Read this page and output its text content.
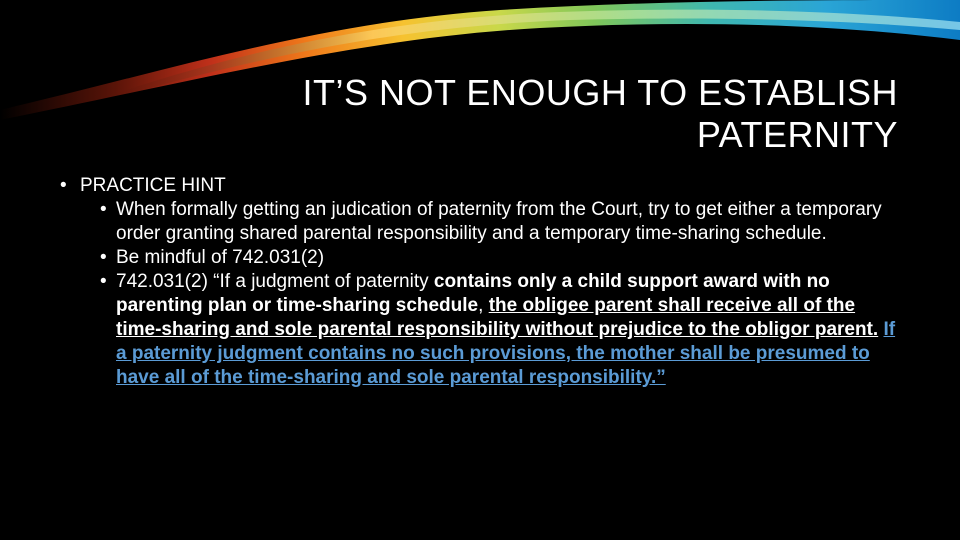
IT’S NOT ENOUGH TO ESTABLISH PATERNITY
• PRACTICE HINT
• When formally getting an judication of paternity from the Court, try to get either a temporary order granting shared parental responsibility and a temporary time-sharing schedule.
• Be mindful of 742.031(2)
• 742.031(2) “If a judgment of paternity contains only a child support award with no parenting plan or time-sharing schedule, the obligee parent shall receive all of the time-sharing and sole parental responsibility without prejudice to the obligor parent. If a paternity judgment contains no such provisions, the mother shall be presumed to have all of the time-sharing and sole parental responsibility.”
